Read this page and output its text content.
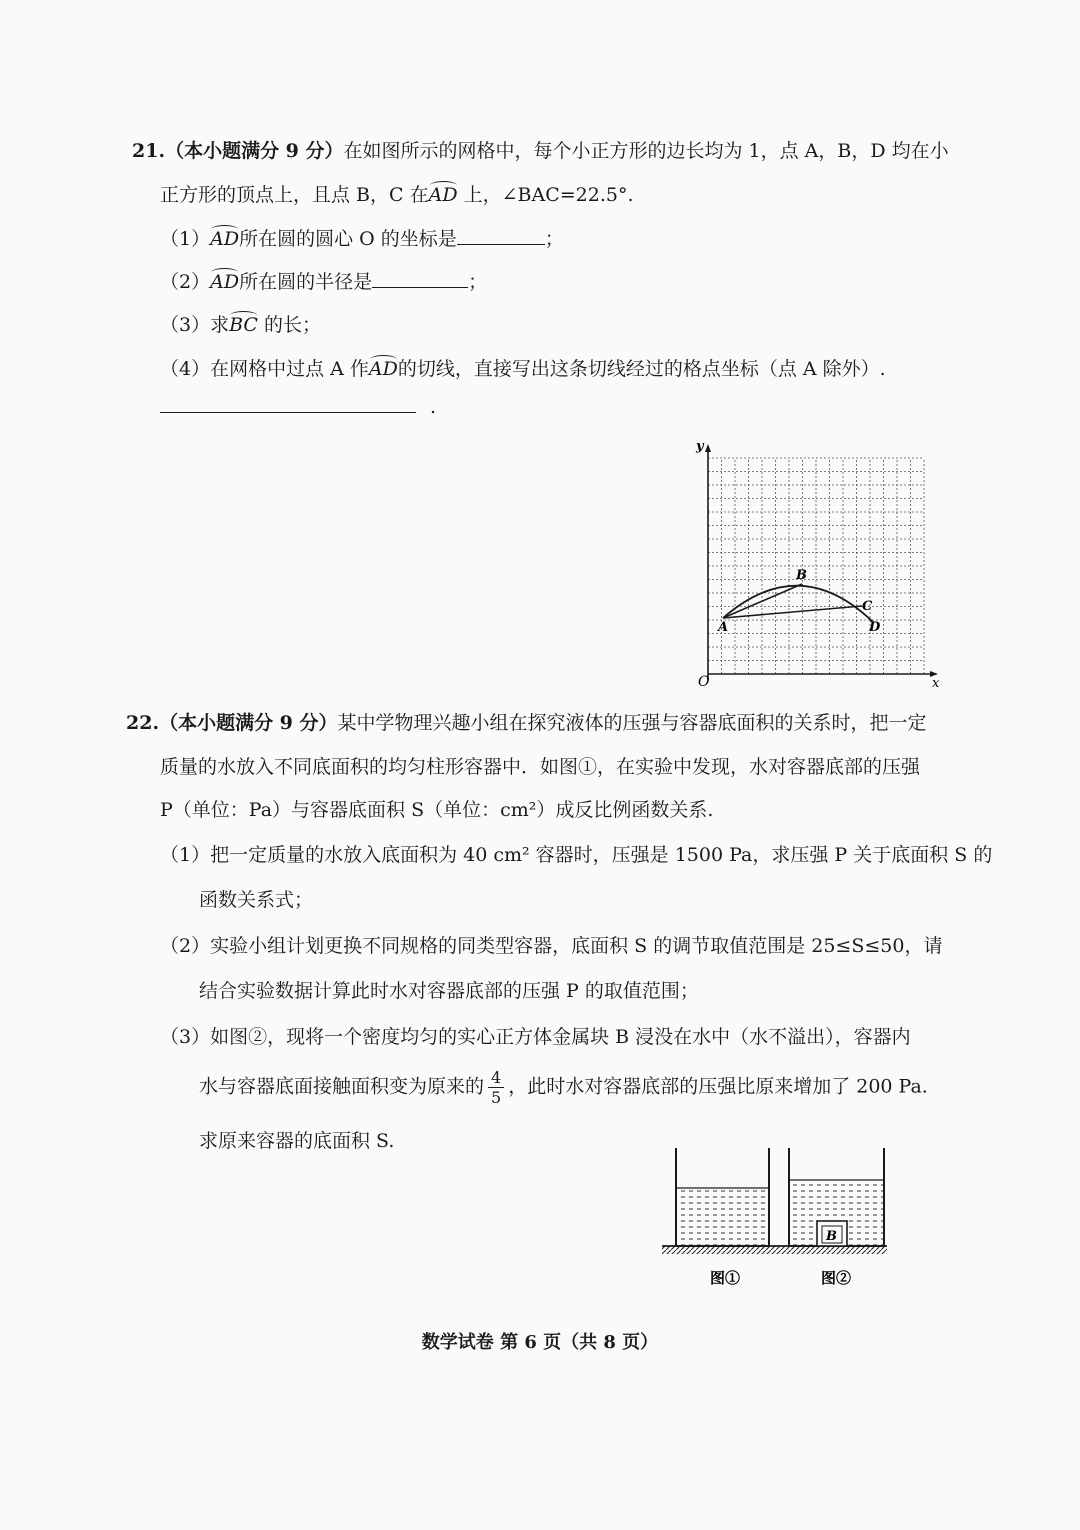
21.（本小题满分 9 分）在如图所示的网格中，每个小正方形的边长均为 1，点 A，B，D 均在小
正方形的顶点上，且点 B，C 在AD 上，∠BAC=22.5°.
（1）AD所在圆的圆心 O 的坐标是	；
（2）AD所在圆的半径是	；
（3）求BC 的长；
（4）在网格中过点 A 作AD的切线，直接写出这条切线经过的格点坐标（点 A 除外）.
.
y
O	x
A
B
C
D
22.（本小题满分 9 分）某中学物理兴趣小组在探究液体的压强与容器底面积的关系时，把一定
质量的水放入不同底面积的均匀柱形容器中．如图①，在实验中发现，水对容器底部的压强
P（单位：Pa）与容器底面积 S（单位：cm²）成反比例函数关系.
（1）把一定质量的水放入底面积为 40 cm² 容器时，压强是 1500 Pa，求压强 P 关于底面积 S 的
函数关系式；
（2）实验小组计划更换不同规格的同类型容器，底面积 S 的调节取值范围是 25≤S≤50，请
结合实验数据计算此时水对容器底部的压强 P 的取值范围；
（3）如图②，现将一个密度均匀的实心正方体金属块 B 浸没在水中（水不溢出），容器内
水与容器底面接触面积变为原来的 $\frac{4}{5}$ ，此时水对容器底部的压强比原来增加了 200 Pa.
求原来容器的底面积 S.
B
图①	图②
数学试卷 第 6 页（共 8 页）
